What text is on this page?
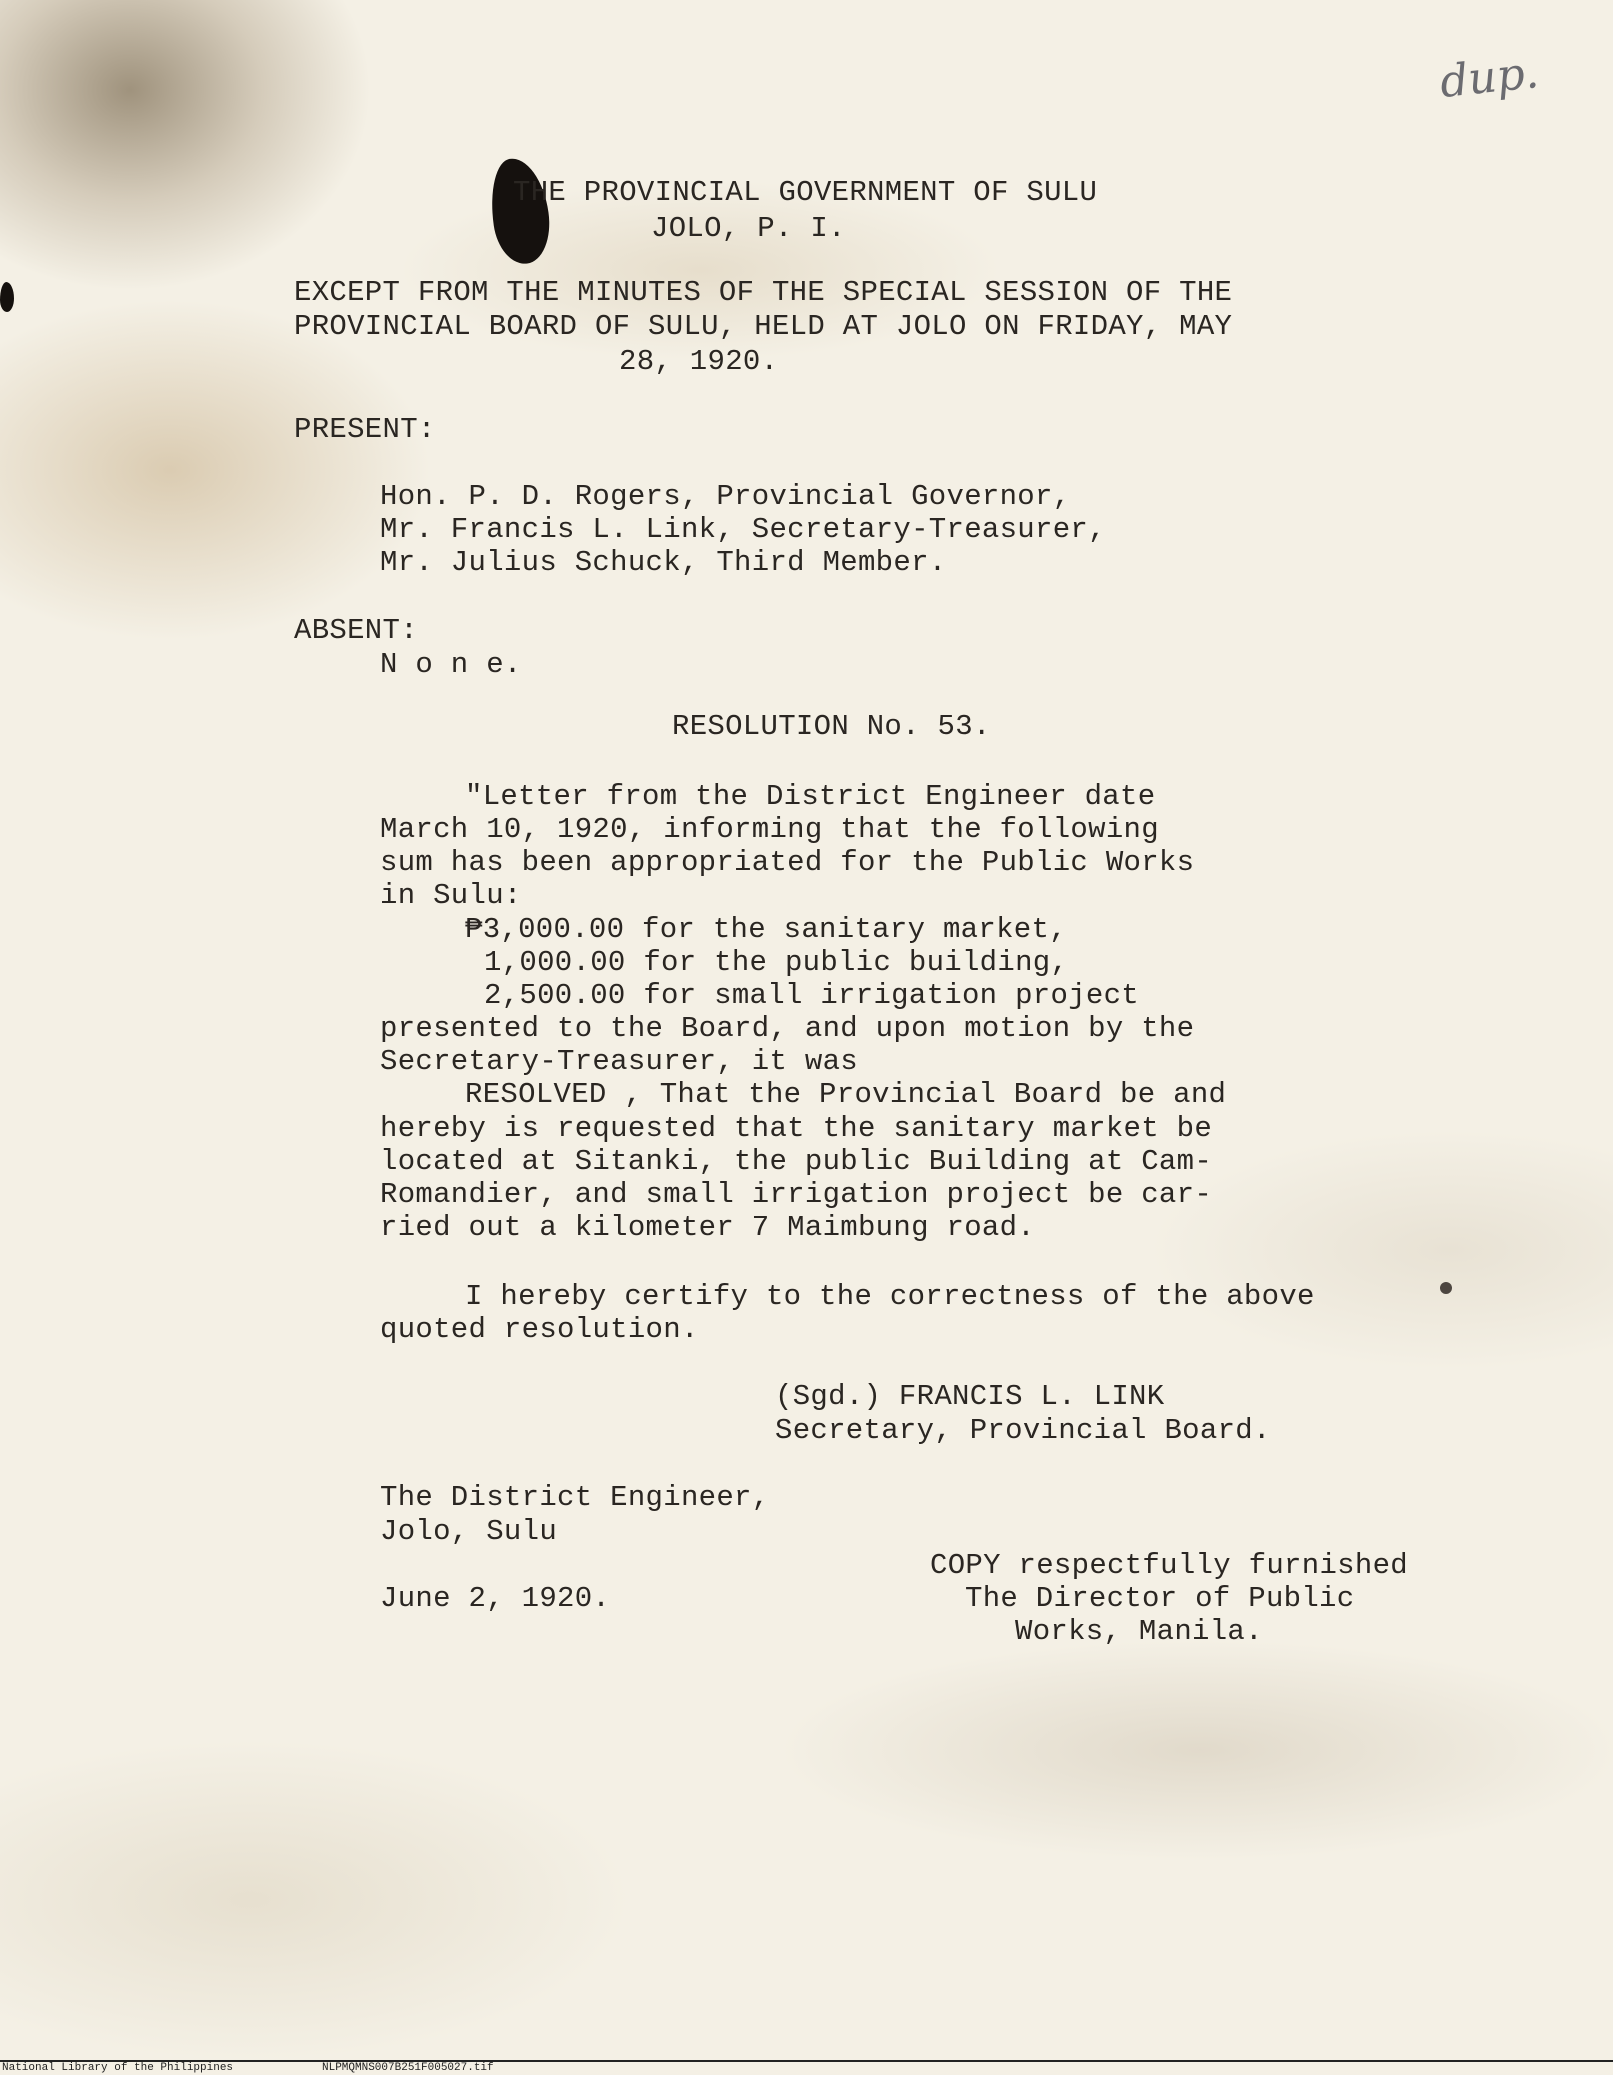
dup.
THE PROVINCIAL GOVERNMENT OF SULU
JOLO, P. I.
EXCEPT FROM THE MINUTES OF THE SPECIAL SESSION OF THE
PROVINCIAL BOARD OF SULU, HELD AT JOLO ON FRIDAY, MAY
28, 1920.
PRESENT:
Hon. P. D. Rogers, Provincial Governor,
Mr. Francis L. Link, Secretary-Treasurer,
Mr. Julius Schuck, Third Member.
ABSENT:
N o n e.
RESOLUTION No. 53.
"Letter from the District Engineer date
March 10, 1920, informing that the following
sum has been appropriated for the Public Works
in Sulu:
₱3,000.00 for the sanitary market,
1,000.00 for the public building,
2,500.00 for small irrigation project
presented to the Board, and upon motion by the
Secretary-Treasurer, it was
RESOLVED , That the Provincial Board be and
hereby is requested that the sanitary market be
located at Sitanki, the public Building at Cam-
Romandier, and small irrigation project be car-
ried out a kilometer 7 Maimbung road.
I hereby certify to the correctness of the above
quoted resolution.
(Sgd.) FRANCIS L. LINK
Secretary, Provincial Board.
The District Engineer,
Jolo, Sulu
June 2, 1920.
COPY respectfully furnished
The Director of Public
Works, Manila.
National Library of the Philippines	NLPMQMNS007B251F005027.tif
